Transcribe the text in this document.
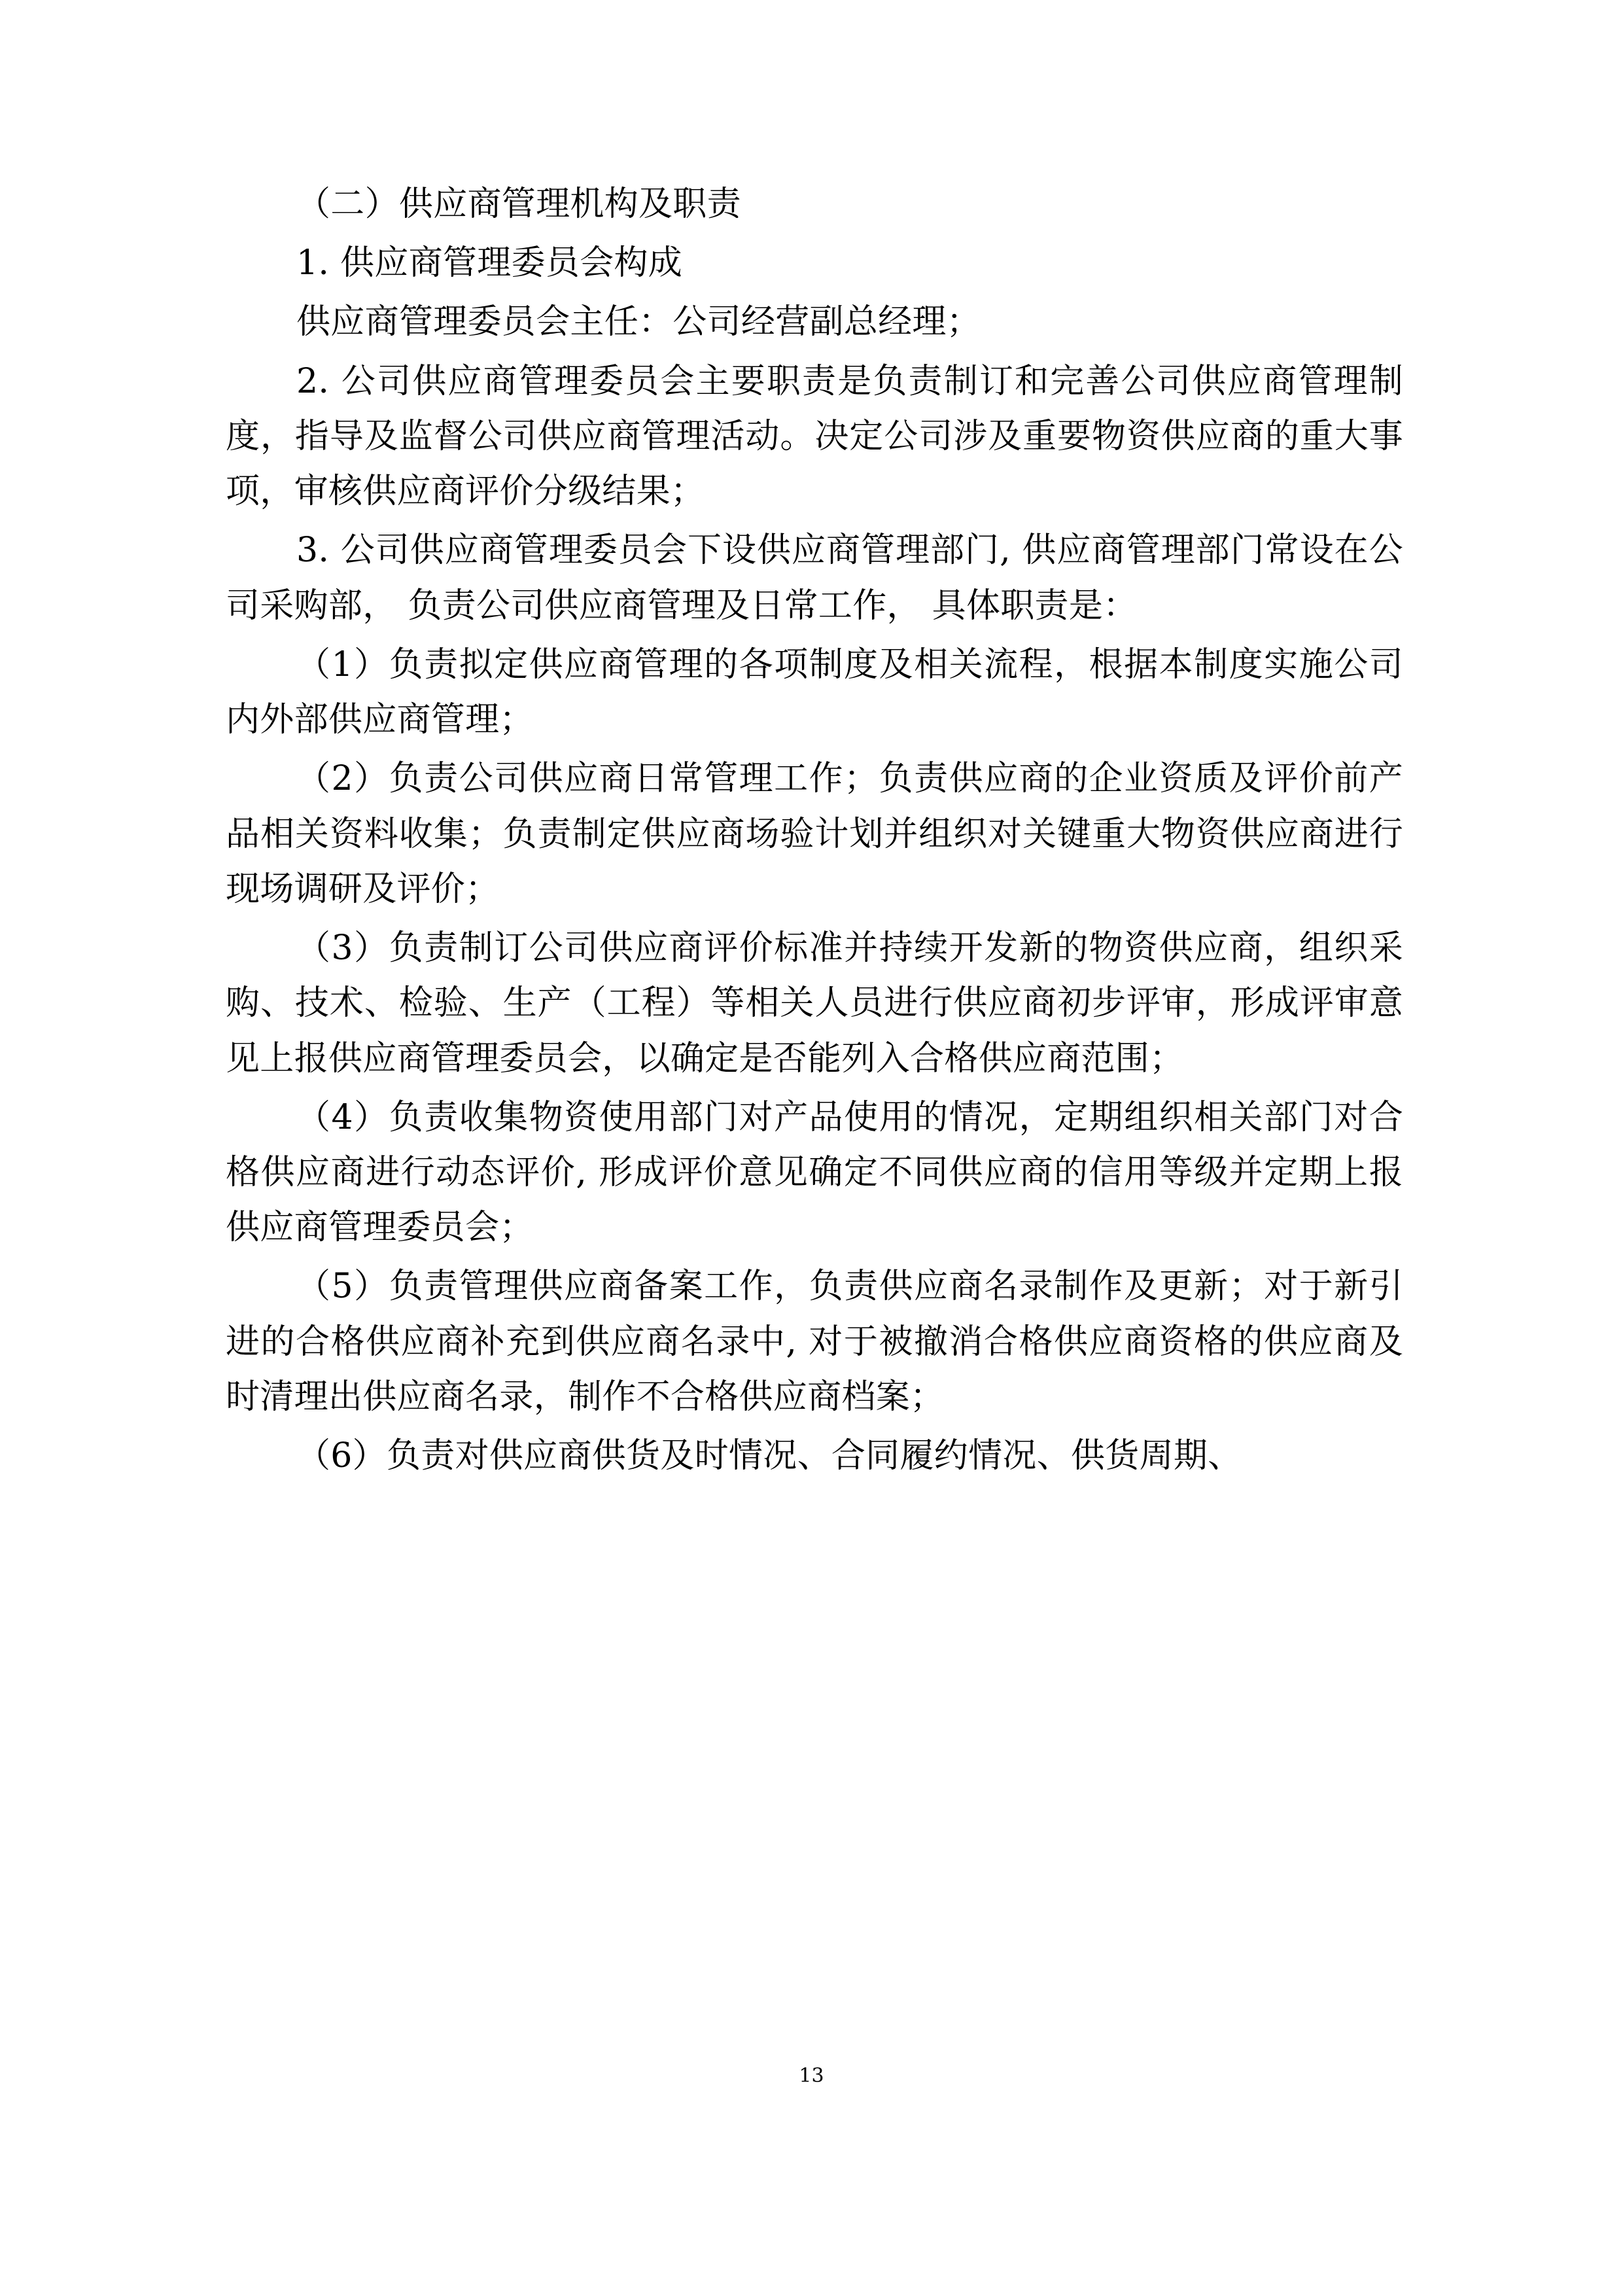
（二）供应商管理机构及职责

1. 供应商管理委员会构成

供应商管理委员会主任：公司经营副总经理；

2. 公司供应商管理委员会主要职责是负责制订和完善公司供应商管理制度，指导及监督公司供应商管理活动。决定公司涉及重要物资供应商的重大事项，审核供应商评价分级结果；

3. 公司供应商管理委员会下设供应商管理部门, 供应商管理部门常设在公司采购部， 负责公司供应商管理及日常工作， 具体职责是：

（1）负责拟定供应商管理的各项制度及相关流程，根据本制度实施公司内外部供应商管理；

（2）负责公司供应商日常管理工作；负责供应商的企业资质及评价前产品相关资料收集；负责制定供应商场验计划并组织对关键重大物资供应商进行现场调研及评价；

（3）负责制订公司供应商评价标准并持续开发新的物资供应商，组织采购、技术、检验、生产（工程）等相关人员进行供应商初步评审，形成评审意见上报供应商管理委员会，以确定是否能列入合格供应商范围；

（4）负责收集物资使用部门对产品使用的情况，定期组织相关部门对合格供应商进行动态评价, 形成评价意见确定不同供应商的信用等级并定期上报供应商管理委员会；

（5）负责管理供应商备案工作，负责供应商名录制作及更新；对于新引进的合格供应商补充到供应商名录中, 对于被撤消合格供应商资格的供应商及时清理出供应商名录，制作不合格供应商档案；

（6）负责对供应商供货及时情况、合同履约情况、供货周期、

13
